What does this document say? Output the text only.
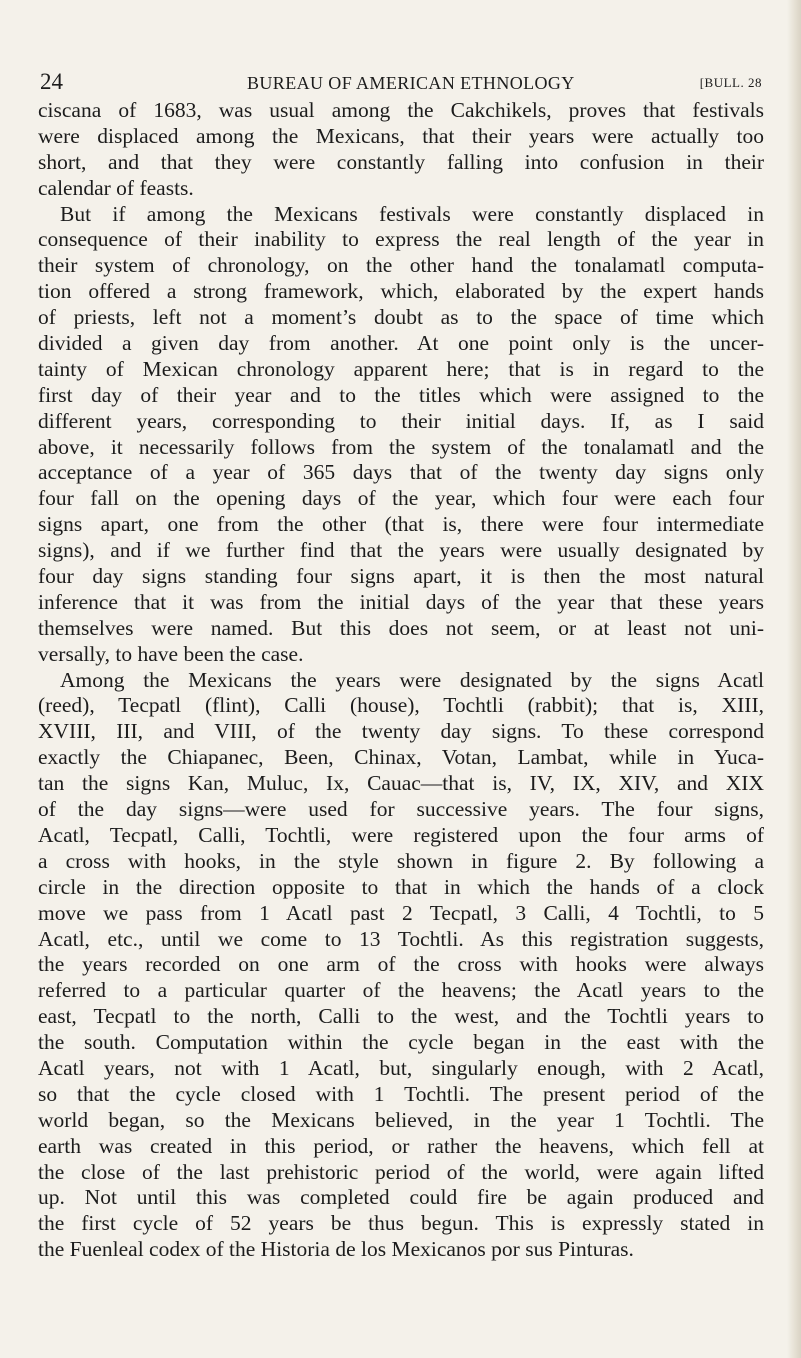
24	BUREAU OF AMERICAN ETHNOLOGY	[BULL. 28
ciscana of 1683, was usual among the Cakchikels, proves that festivals
were displaced among the Mexicans, that their years were actually too
short, and that they were constantly falling into confusion in their
calendar of feasts.
But if among the Mexicans festivals were constantly displaced in
consequence of their inability to express the real length of the year in
their system of chronology, on the other hand the tonalamatl computa-
tion offered a strong framework, which, elaborated by the expert hands
of priests, left not a moment’s doubt as to the space of time which
divided a given day from another. At one point only is the uncer-
tainty of Mexican chronology apparent here; that is in regard to the
first day of their year and to the titles which were assigned to the
different years, corresponding to their initial days. If, as I said
above, it necessarily follows from the system of the tonalamatl and the
acceptance of a year of 365 days that of the twenty day signs only
four fall on the opening days of the year, which four were each four
signs apart, one from the other (that is, there were four intermediate
signs), and if we further find that the years were usually designated by
four day signs standing four signs apart, it is then the most natural
inference that it was from the initial days of the year that these years
themselves were named. But this does not seem, or at least not uni-
versally, to have been the case.
Among the Mexicans the years were designated by the signs Acatl
(reed), Tecpatl (flint), Calli (house), Tochtli (rabbit); that is, XIII,
XVIII, III, and VIII, of the twenty day signs. To these correspond
exactly the Chiapanec, Been, Chinax, Votan, Lambat, while in Yuca-
tan the signs Kan, Muluc, Ix, Cauac—that is, IV, IX, XIV, and XIX
of the day signs—were used for successive years. The four signs,
Acatl, Tecpatl, Calli, Tochtli, were registered upon the four arms of
a cross with hooks, in the style shown in figure 2. By following a
circle in the direction opposite to that in which the hands of a clock
move we pass from 1 Acatl past 2 Tecpatl, 3 Calli, 4 Tochtli, to 5
Acatl, etc., until we come to 13 Tochtli. As this registration suggests,
the years recorded on one arm of the cross with hooks were always
referred to a particular quarter of the heavens; the Acatl years to the
east, Tecpatl to the north, Calli to the west, and the Tochtli years to
the south. Computation within the cycle began in the east with the
Acatl years, not with 1 Acatl, but, singularly enough, with 2 Acatl,
so that the cycle closed with 1 Tochtli. The present period of the
world began, so the Mexicans believed, in the year 1 Tochtli. The
earth was created in this period, or rather the heavens, which fell at
the close of the last prehistoric period of the world, were again lifted
up. Not until this was completed could fire be again produced and
the first cycle of 52 years be thus begun. This is expressly stated in
the Fuenleal codex of the Historia de los Mexicanos por sus Pinturas.
